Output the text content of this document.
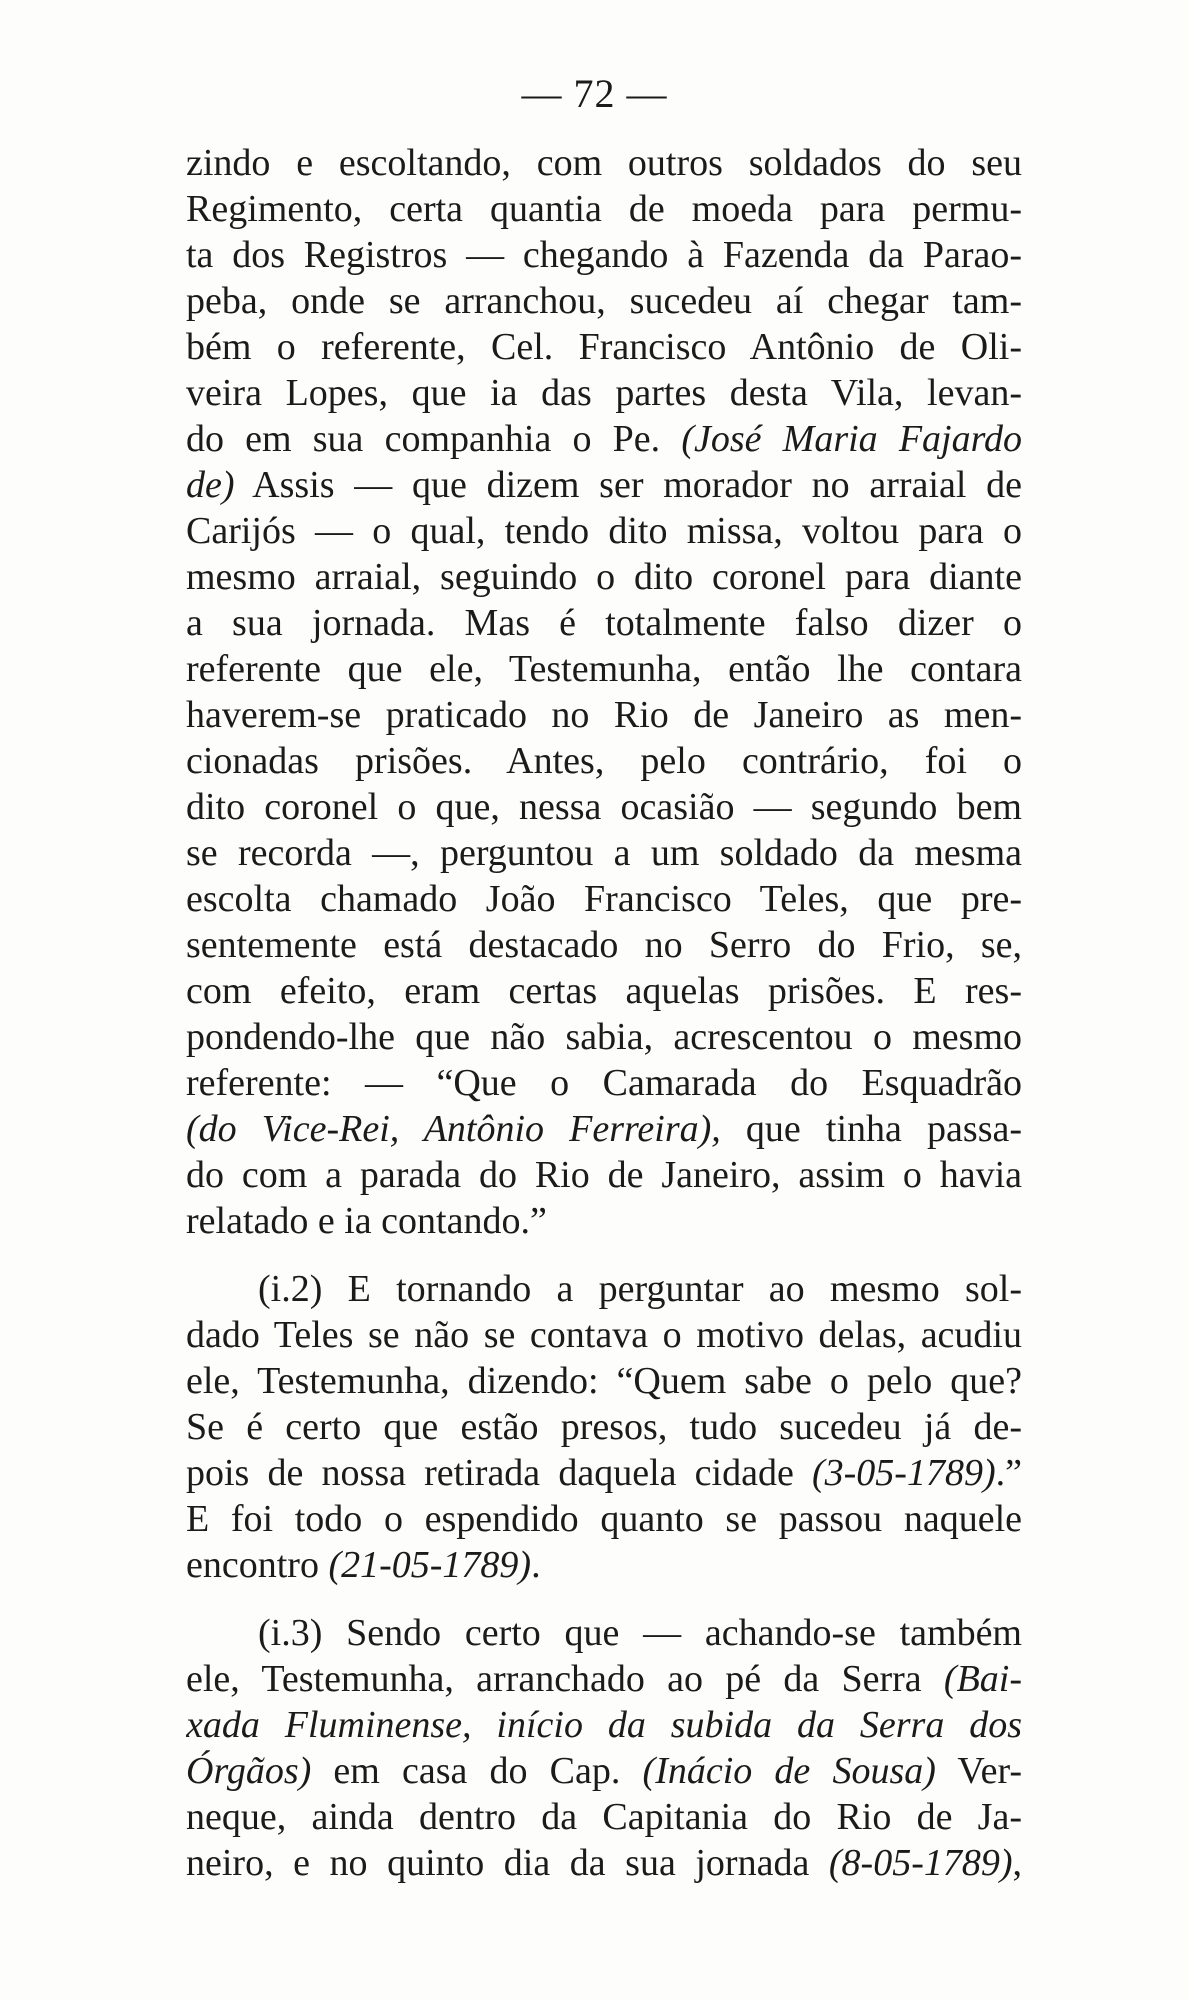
— 72 —
zindo e escoltando, com outros soldados do seu
Regimento, certa quantia de moeda para permu-
ta dos Registros — chegando à Fazenda da Parao-
peba, onde se arranchou, sucedeu aí chegar tam-
bém o referente, Cel. Francisco Antônio de Oli-
veira Lopes, que ia das partes desta Vila, levan-
do em sua companhia o Pe. (José Maria Fajardo
de) Assis — que dizem ser morador no arraial de
Carijós — o qual, tendo dito missa, voltou para o
mesmo arraial, seguindo o dito coronel para diante
a sua jornada. Mas é totalmente falso dizer o
referente que ele, Testemunha, então lhe contara
haverem-se praticado no Rio de Janeiro as men-
cionadas prisões. Antes, pelo contrário, foi o
dito coronel o que, nessa ocasião — segundo bem
se recorda —, perguntou a um soldado da mesma
escolta chamado João Francisco Teles, que pre-
sentemente está destacado no Serro do Frio, se,
com efeito, eram certas aquelas prisões. E res-
pondendo-lhe que não sabia, acrescentou o mesmo
referente: — “Que o Camarada do Esquadrão
(do Vice-Rei, Antônio Ferreira), que tinha passa-
do com a parada do Rio de Janeiro, assim o havia
relatado e ia contando.”
(i.2) E tornando a perguntar ao mesmo sol-
dado Teles se não se contava o motivo delas, acudiu
ele, Testemunha, dizendo: “Quem sabe o pelo que?
Se é certo que estão presos, tudo sucedeu já de-
pois de nossa retirada daquela cidade (3-05-1789).”
E foi todo o espendido quanto se passou naquele
encontro (21-05-1789).
(i.3) Sendo certo que — achando-se também
ele, Testemunha, arranchado ao pé da Serra (Bai-
xada Fluminense, início da subida da Serra dos
Órgãos) em casa do Cap. (Inácio de Sousa) Ver-
neque, ainda dentro da Capitania do Rio de Ja-
neiro, e no quinto dia da sua jornada (8-05-1789),
